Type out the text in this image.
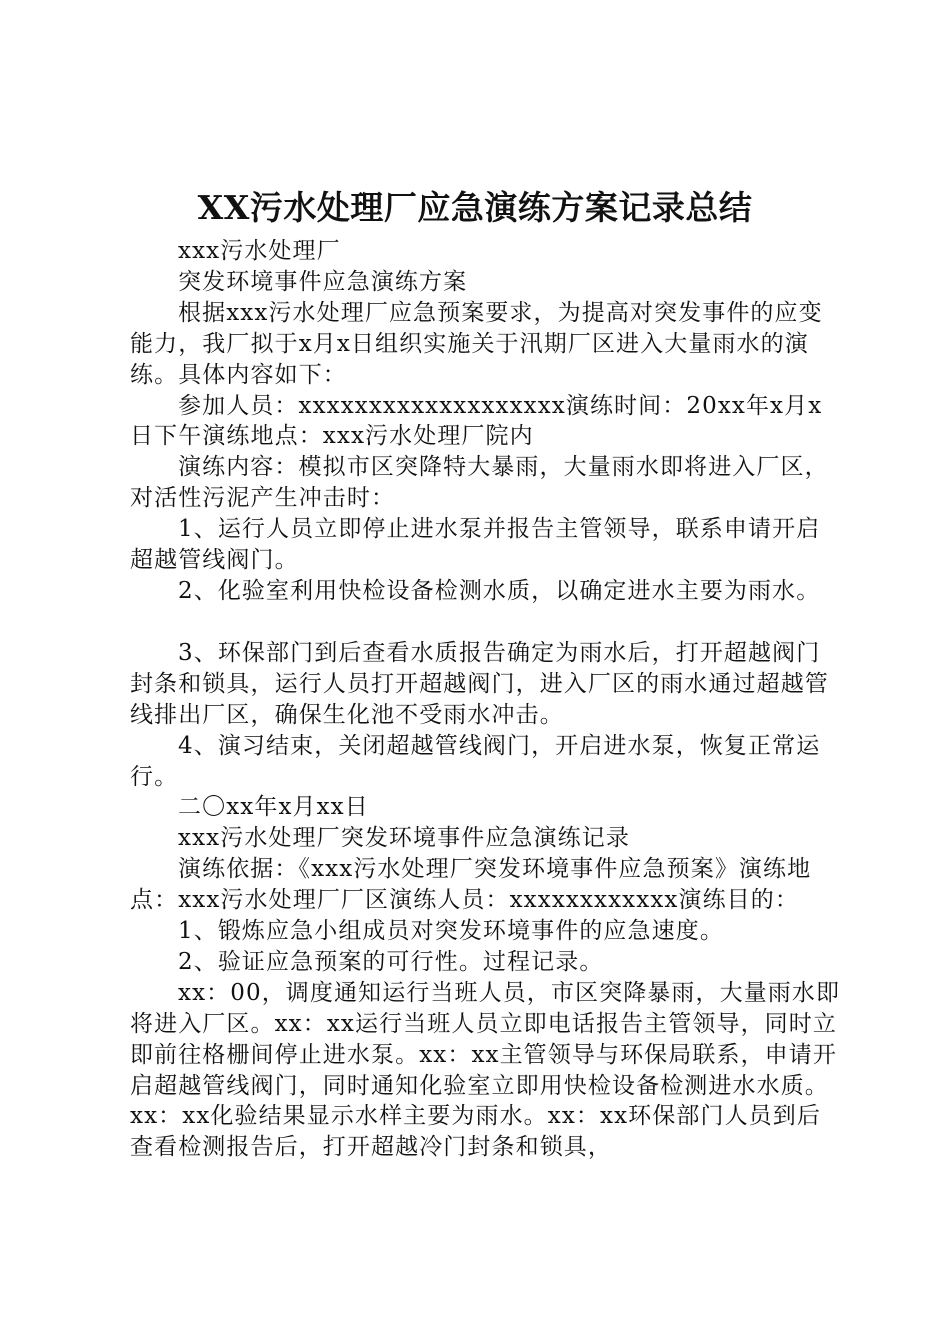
XX污水处理厂应急演练方案记录总结

xxx污水处理厂

突发环境事件应急演练方案

根据xxx污水处理厂应急预案要求，为提高对突发事件的应变能力，我厂拟于x月x日组织实施关于汛期厂区进入大量雨水的演练。具体内容如下：

参加人员：xxxxxxxxxxxxxxxxxxx演练时间：20xx年x月x日下午演练地点：xxx污水处理厂院内

演练内容：模拟市区突降特大暴雨，大量雨水即将进入厂区，对活性污泥产生冲击时：

1、运行人员立即停止进水泵并报告主管领导，联系申请开启超越管线阀门。

2、化验室利用快检设备检测水质，以确定进水主要为雨水。

3、环保部门到后查看水质报告确定为雨水后，打开超越阀门封条和锁具，运行人员打开超越阀门，进入厂区的雨水通过超越管线排出厂区，确保生化池不受雨水冲击。

4、演习结束，关闭超越管线阀门，开启进水泵，恢复正常运行。

二〇xx年x月xx日

xxx污水处理厂突发环境事件应急演练记录

演练依据：《xxx污水处理厂突发环境事件应急预案》演练地点：xxx污水处理厂厂区演练人员：xxxxxxxxxxxx演练目的：

1、锻炼应急小组成员对突发环境事件的应急速度。

2、验证应急预案的可行性。过程记录。

xx：00，调度通知运行当班人员，市区突降暴雨，大量雨水即将进入厂区。xx：xx运行当班人员立即电话报告主管领导，同时立即前往格栅间停止进水泵。xx：xx主管领导与环保局联系，申请开启超越管线阀门，同时通知化验室立即用快检设备检测进水水质。xx：xx化验结果显示水样主要为雨水。xx：xx环保部门人员到后查看检测报告后，打开超越冷门封条和锁具，
